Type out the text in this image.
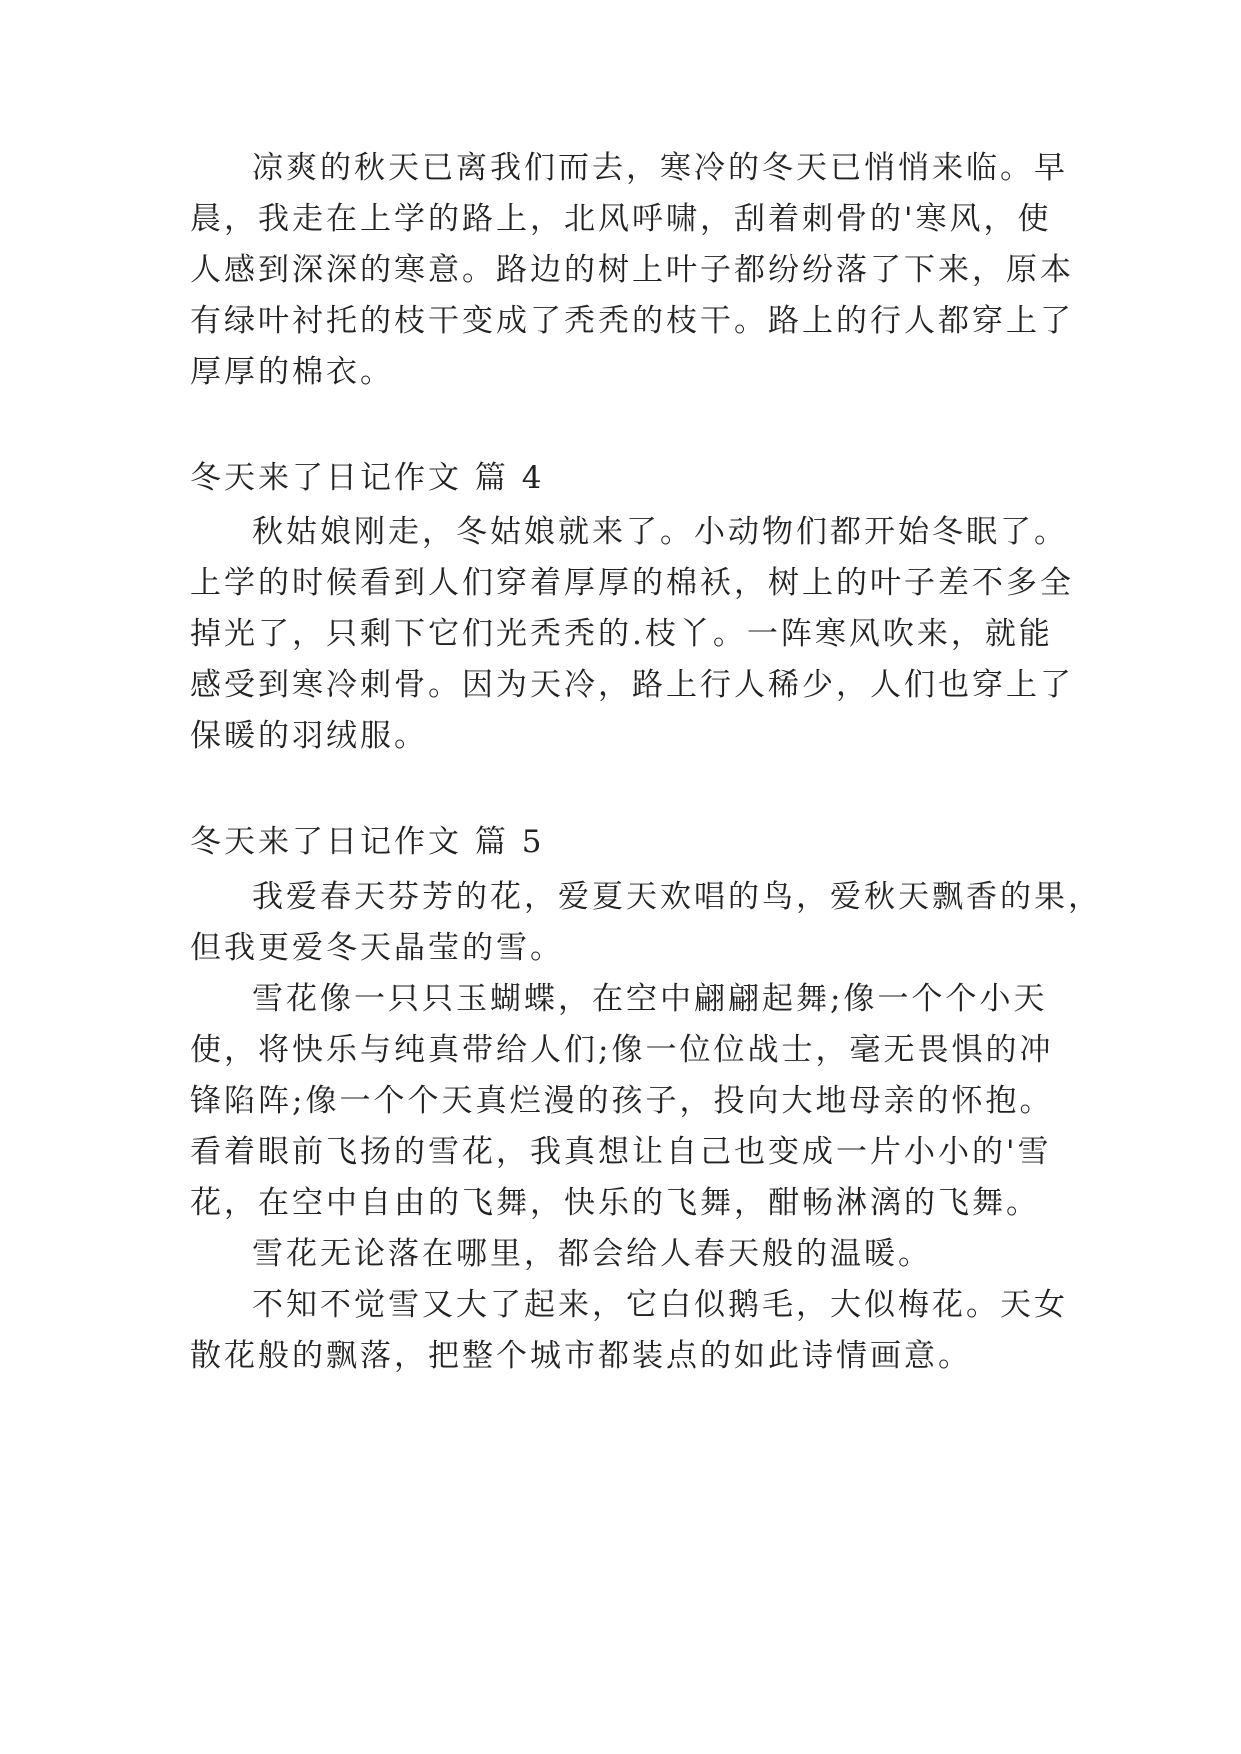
凉爽的秋天已离我们而去，寒冷的冬天已悄悄来临。早
晨，我走在上学的路上，北风呼啸，刮着刺骨的'寒风，使
人感到深深的寒意。路边的树上叶子都纷纷落了下来，原本
有绿叶衬托的枝干变成了秃秃的枝干。路上的行人都穿上了
厚厚的棉衣。
冬天来了日记作文 篇 4
秋姑娘刚走，冬姑娘就来了。小动物们都开始冬眠了。
上学的时候看到人们穿着厚厚的棉袄，树上的叶子差不多全
掉光了，只剩下它们光秃秃的.枝丫。一阵寒风吹来，就能
感受到寒冷刺骨。因为天冷，路上行人稀少，人们也穿上了
保暖的羽绒服。
冬天来了日记作文 篇 5
我爱春天芬芳的花，爱夏天欢唱的鸟，爱秋天飘香的果，
但我更爱冬天晶莹的雪。
雪花像一只只玉蝴蝶，在空中翩翩起舞;像一个个小天
使，将快乐与纯真带给人们;像一位位战士，毫无畏惧的冲
锋陷阵;像一个个天真烂漫的孩子，投向大地母亲的怀抱。
看着眼前飞扬的雪花，我真想让自己也变成一片小小的'雪
花，在空中自由的飞舞，快乐的飞舞，酣畅淋漓的飞舞。
雪花无论落在哪里，都会给人春天般的温暖。
不知不觉雪又大了起来，它白似鹅毛，大似梅花。天女
散花般的飘落，把整个城市都装点的如此诗情画意。
